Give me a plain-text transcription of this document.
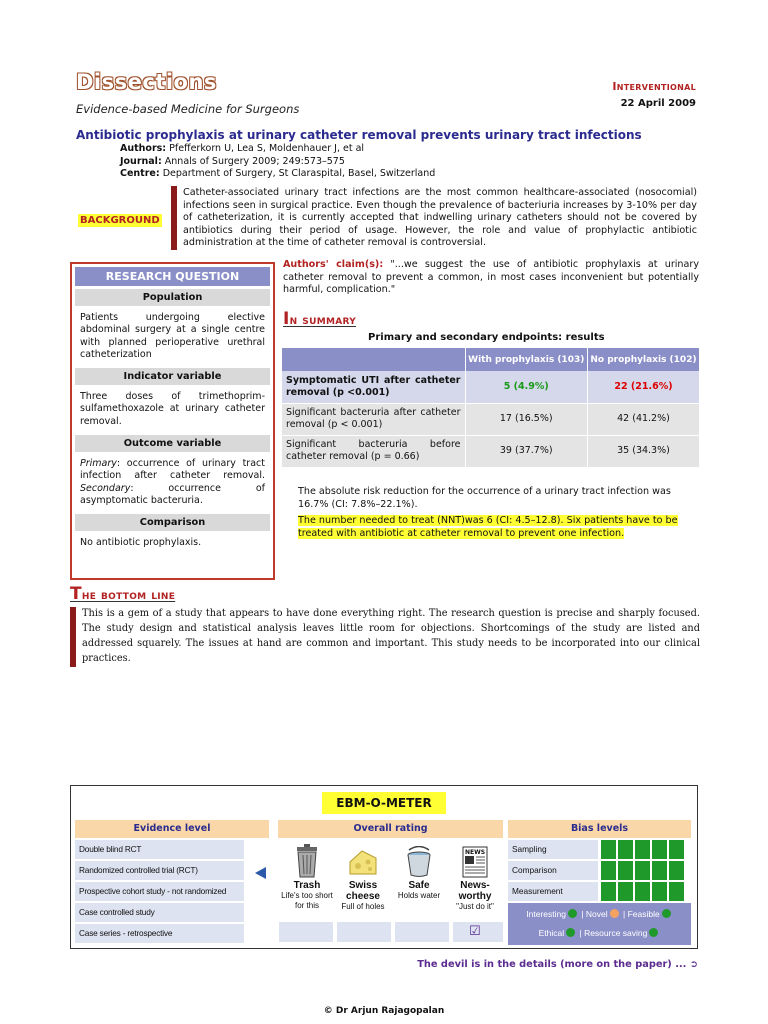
Dissections
Evidence-based Medicine for Surgeons
Interventional
22 April 2009
Antibiotic prophylaxis at urinary catheter removal prevents urinary tract infections
Authors: Pfefferkorn U, Lea S, Moldenhauer J, et al
Journal: Annals of Surgery 2009; 249:573–575
Centre: Department of Surgery, St Claraspital, Basel, Switzerland
BACKGROUND
Catheter-associated urinary tract infections are the most common healthcare-associated (nosocomial) infections seen in surgical practice. Even though the prevalence of bacteriuria increases by 3-10% per day of catheterization, it is currently accepted that indwelling urinary catheters should not be covered by antibiotics during their period of usage. However, the role and value of prophylactic antibiotic administration at the time of catheter removal is controversial.
RESEARCH QUESTION
Population
Patients undergoing elective abdominal surgery at a single centre with planned perioperative urethral catheterization
Indicator variable
Three doses of trimethoprim-sulfamethoxazole at urinary catheter removal.
Outcome variable
Primary: occurrence of urinary tract infection after catheter removal. Secondary: occurrence of asymptomatic bacteruria.
Comparison
No antibiotic prophylaxis.
Authors' claim(s): "...we suggest the use of antibiotic prophylaxis at urinary catheter removal to prevent a common, in most cases inconvenient but potentially harmful, complication."
In summary
Primary and secondary endpoints: results
	With prophylaxis (103)	No prophylaxis (102)
Symptomatic UTI after catheter removal (p <0.001)	5 (4.9%)	22 (21.6%)
Significant bacteruria after catheter removal (p < 0.001)	17 (16.5%)	42 (41.2%)
Significant bacteruria before catheter removal (p = 0.66)	39 (37.7%)	35 (34.3%)
The absolute risk reduction for the occurrence of a urinary tract infection was 16.7% (CI: 7.8%–22.1%).
The number needed to treat (NNT)was 6 (CI: 4.5–12.8). Six patients have to be treated with antibiotic at catheter removal to prevent one infection.
The bottom line
This is a gem of a study that appears to have done everything right. The research question is precise and sharply focused. The study design and statistical analysis leaves little room for objections. Shortcomings of the study are listed and addressed squarely. The issues at hand are common and important. This study needs to be incorporated into our clinical practices.
EBM-O-METER
Evidence level
Double blind RCT
Randomized controlled trial (RCT)
Prospective cohort study - not randomized
Case controlled study
Case series - retrospective
Overall rating
Trash
Life's too short for this
Swiss cheese
Full of holes
Safe
Holds water
NEWS
News-worthy
"Just do it"
☑
Bias levels
Sampling
Comparison
Measurement
Interesting | Novel | Feasible
Ethical | Resource saving
The devil is in the details (more on the paper) ... ➲
© Dr Arjun Rajagopalan
